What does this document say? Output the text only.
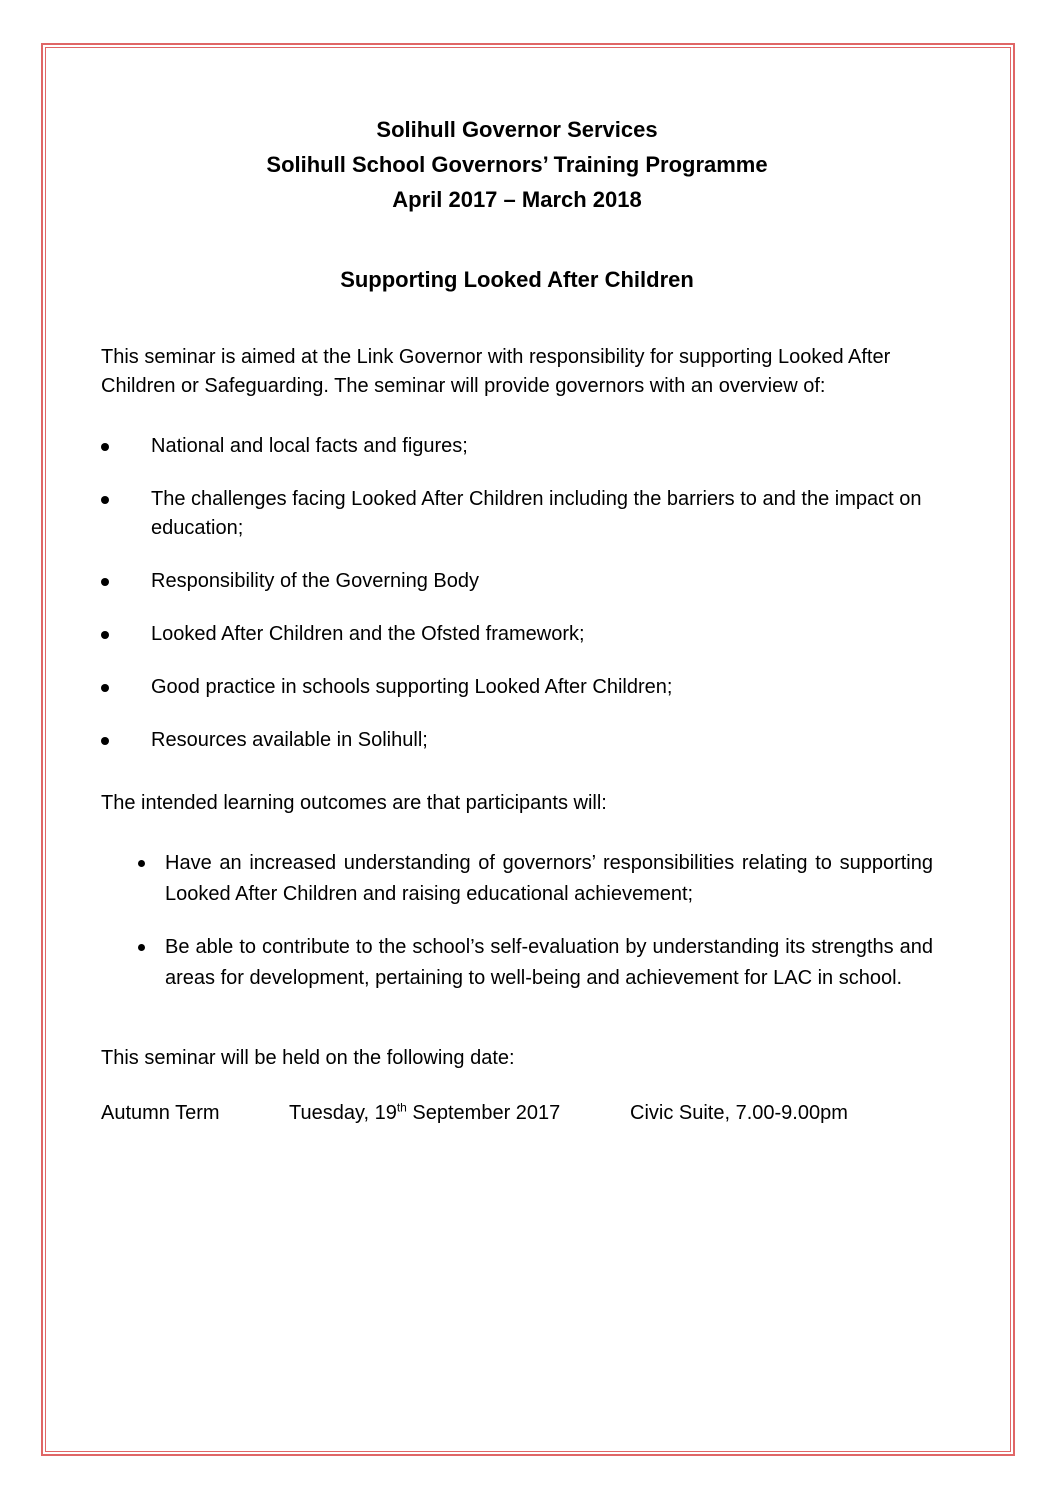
Solihull Governor Services
Solihull School Governors’ Training Programme
April 2017 – March 2018
Supporting Looked After Children

This seminar is aimed at the Link Governor with responsibility for supporting Looked After Children or Safeguarding. The seminar will provide governors with an overview of:

National and local facts and figures;
The challenges facing Looked After Children including the barriers to and the impact on education;
Responsibility of the Governing Body
Looked After Children and the Ofsted framework;
Good practice in schools supporting Looked After Children;
Resources available in Solihull;

The intended learning outcomes are that participants will:

Have an increased understanding of governors’ responsibilities relating to supporting Looked After Children and raising educational achievement;
Be able to contribute to the school’s self-evaluation by understanding its strengths and areas for development, pertaining to well-being and achievement for LAC in school.

This seminar will be held on the following date:

Autumn Term	Tuesday, 19th September 2017	Civic Suite, 7.00-9.00pm
